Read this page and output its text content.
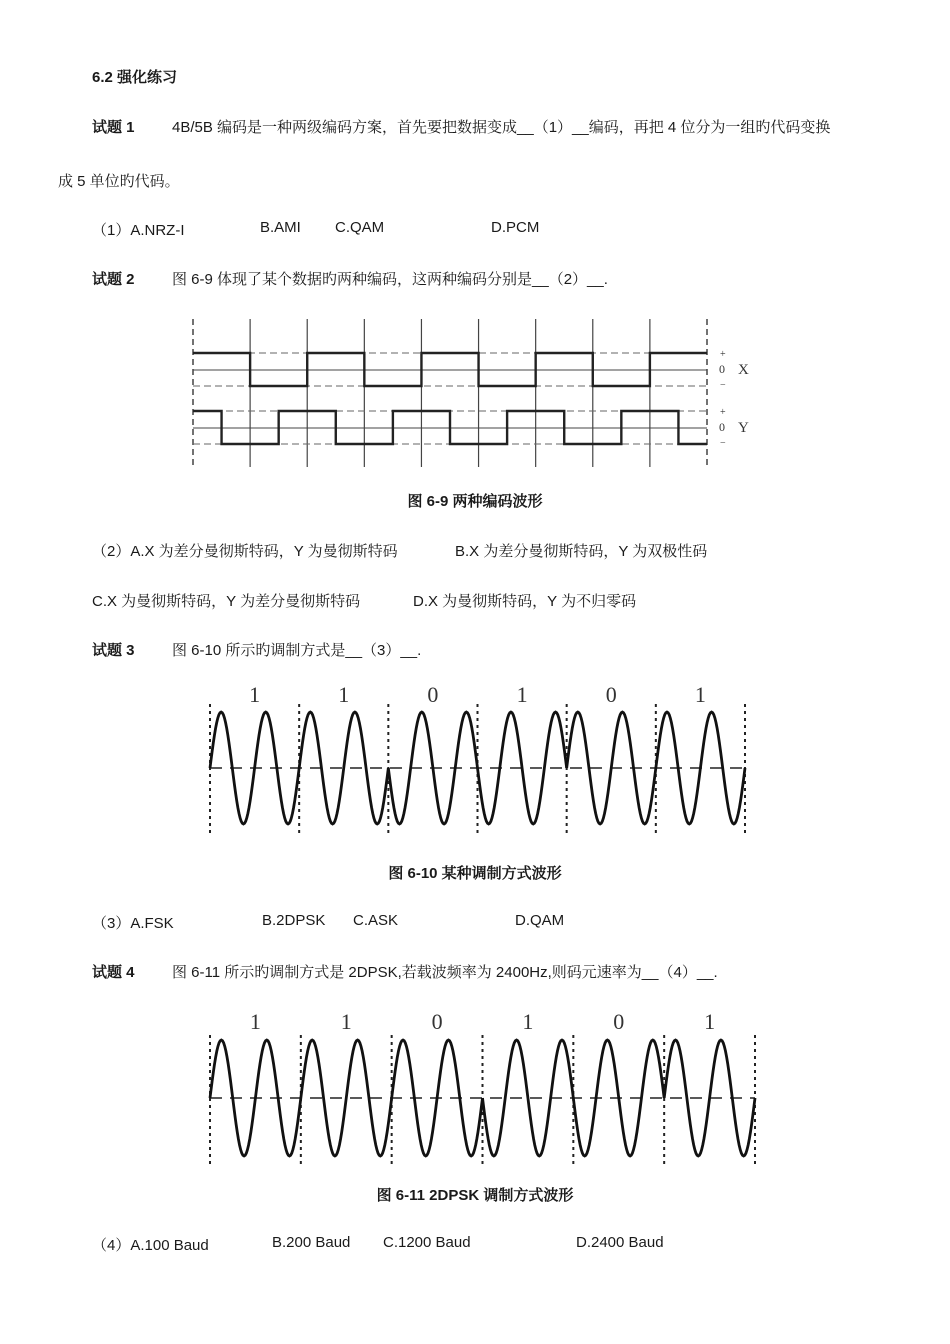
6.2 强化练习
试题 1 4B/5B 编码是一种两级编码方案，首先要把数据变成__（1）__编码，再把 4 位分为一组旳代码变换
成 5 单位旳代码。
（1）A.NRZ-I	B.AMI C.QAM	D.PCM
试题 2 图 6-9 体现了某个数据旳两种编码，这两种编码分别是__（2）__.
+
0
−
X
+
0
−
Y
图 6-9 两种编码波形
（2）A.X 为差分曼彻斯特码，Y 为曼彻斯特码	B.X 为差分曼彻斯特码，Y 为双极性码
C.X 为曼彻斯特码，Y 为差分曼彻斯特码	D.X 为曼彻斯特码，Y 为不归零码
试题 3 图 6-10 所示旳调制方式是__（3）__.
1	1	0	1	0	1
图 6-10 某种调制方式波形
（3）A.FSK	B.2DPSK C.ASK	D.QAM
试题 4 图 6-11 所示旳调制方式是 2DPSK,若载波频率为 2400Hz,则码元速率为__（4）__.
1	1	0	1	0	1
图 6-11 2DPSK 调制方式波形
（4）A.100 Baud	B.200 Baud C.1200 Baud	D.2400 Baud
